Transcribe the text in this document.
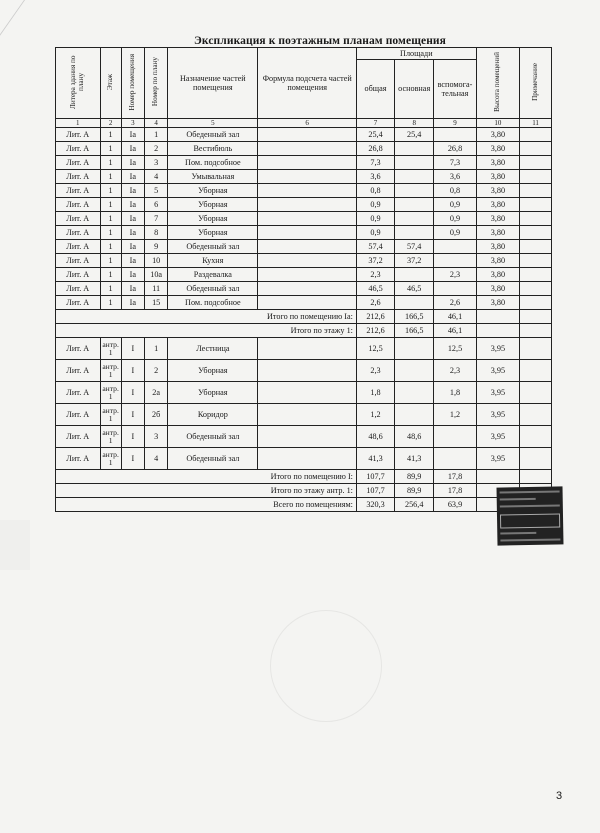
Экспликация к поэтажным планам помещения
Литера здания по плану	Этаж	Номер помещения	Номер по плану	Назначение частей помещения	Формула подсчета частей помещения	Площади			Высота помещений	Примечание
						общая	основная	вспомога-тельная		
1	2	3	4	5	6	7	8	9	10	11
Лит. А	1	Ia	1	Обеденный зал		25,4	25,4		3,80	
Лит. А	1	Ia	2	Вестибюль		26,8		26,8	3,80	
Лит. А	1	Ia	3	Пом. подсобное		7,3		7,3	3,80	
Лит. А	1	Ia	4	Умывальная		3,6		3,6	3,80	
Лит. А	1	Ia	5	Уборная		0,8		0,8	3,80	
Лит. А	1	Ia	6	Уборная		0,9		0,9	3,80	
Лит. А	1	Ia	7	Уборная		0,9		0,9	3,80	
Лит. А	1	Ia	8	Уборная		0,9		0,9	3,80	
Лит. А	1	Ia	9	Обеденный зал		57,4	57,4		3,80	
Лит. А	1	Ia	10	Кухня		37,2	37,2		3,80	
Лит. А	1	Ia	10а	Раздевалка		2,3		2,3	3,80	
Лит. А	1	Ia	11	Обеденный зал		46,5	46,5		3,80	
Лит. А	1	Ia	15	Пом. подсобное		2,6		2,6	3,80	
Итого по помещению Ia:						212,6	166,5	46,1		
Итого по этажу 1:						212,6	166,5	46,1		
Лит. А	антр. 1	I	1	Лестница		12,5		12,5	3,95	
Лит. А	антр. 1	I	2	Уборная		2,3		2,3	3,95	
Лит. А	антр. 1	I	2а	Уборная		1,8		1,8	3,95	
Лит. А	антр. 1	I	2б	Коридор		1,2		1,2	3,95	
Лит. А	антр. 1	I	3	Обеденный зал		48,6	48,6		3,95	
Лит. А	антр. 1	I	4	Обеденный зал		41,3	41,3		3,95	
Итого по помещению I:						107,7	89,9	17,8		
Итого по этажу антр. 1:						107,7	89,9	17,8		
Всего по помещениям:						320,3	256,4	63,9		
3
